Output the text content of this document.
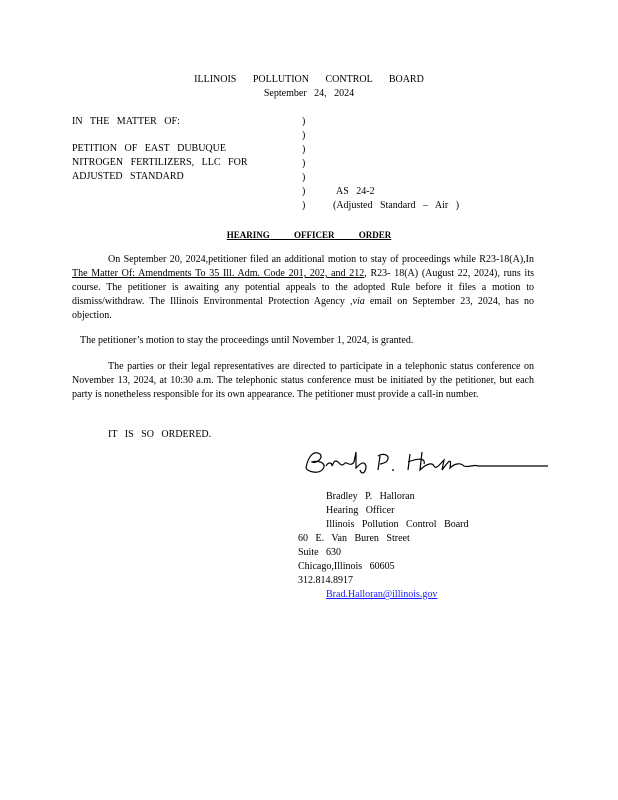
ILLINOIS POLLUTION CONTROL BOARD
September 24, 2024
IN THE MATTER OF:
PETITION OF EAST DUBUQUE
NITROGEN FERTILIZERS, LLC FOR
ADJUSTED STANDARD
)
)
)
)
)
)
)
AS 24-2
(Adjusted Standard – Air )
HEARING OFFICER ORDER
On September 20, 2024,petitioner filed an additional motion to stay of proceedings while R23-18(A),In The Matter Of: Amendments To 35 Ill. Adm. Code 201, 202, and 212, R23- 18(A) (August 22, 2024), runs its course. The petitioner is awaiting any potential appeals to the adopted Rule before it files a motion to dismiss/withdraw. The Illinois Environmental Protection Agency ,via email on September 23, 2024, has no objection.
The petitioner’s motion to stay the proceedings until November 1, 2024, is granted.
The parties or their legal representatives are directed to participate in a telephonic status conference on November 13, 2024, at 10:30 a.m. The telephonic status conference must be initiated by the petitioner, but each party is nonetheless responsible for its own appearance. The petitioner must provide a call-in number.
IT IS SO ORDERED.
Bradley P. Halloran
Hearing Officer
Illinois Pollution Control Board
60 E. Van Buren Street
Suite 630
Chicago,Illinois 60605
312.814.8917
Brad.Halloran@illinois.gov
